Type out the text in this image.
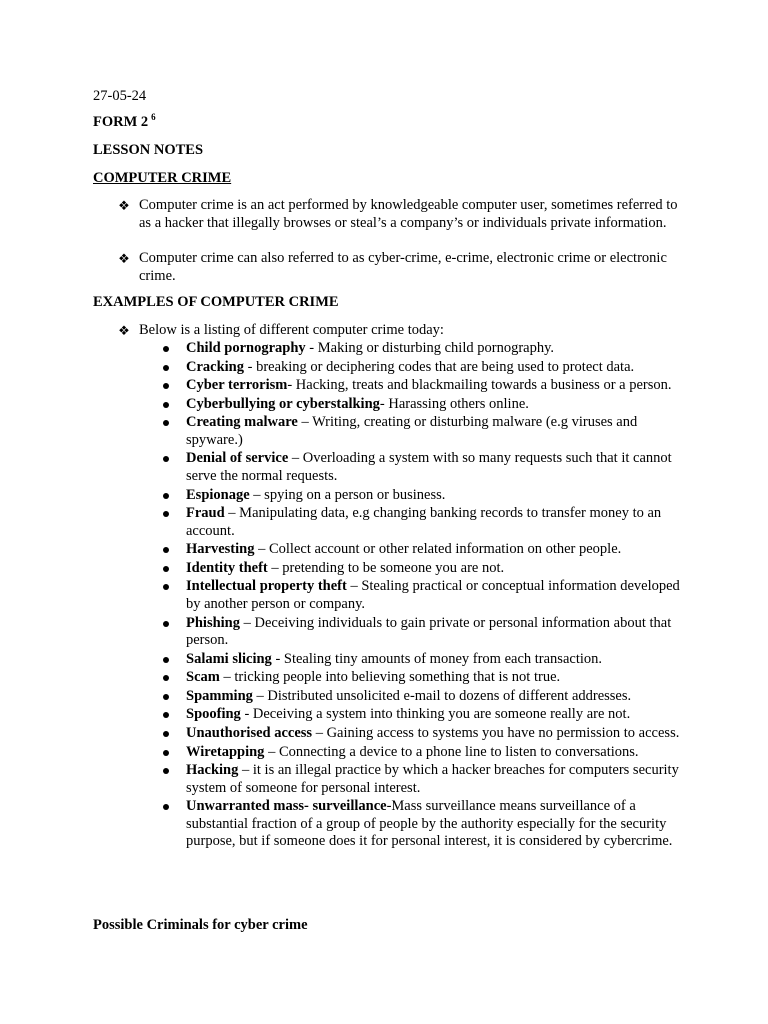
27-05-24
FORM 2 $^6$
LESSON NOTES
COMPUTER CRIME
❖ Computer crime is an act performed by knowledgeable computer user, sometimes referred to as a hacker that illegally browses or steal’s a company’s or individuals private information.
❖ Computer crime can also referred to as cyber-crime, e-crime, electronic crime or electronic crime.
EXAMPLES OF COMPUTER CRIME
❖ Below is a listing of different computer crime today:
Child pornography - Making or disturbing child pornography.
Cracking - breaking or deciphering codes that are being used to protect data.
Cyber terrorism- Hacking, treats and blackmailing towards a business or a person.
Cyberbullying or cyberstalking- Harassing others online.
Creating malware – Writing, creating or disturbing malware (e.g viruses and spyware.)
Denial of service – Overloading a system with so many requests such that it cannot serve the normal requests.
Espionage – spying on a person or business.
Fraud – Manipulating data, e.g changing banking records to transfer money to an account.
Harvesting – Collect account or other related information on other people.
Identity theft – pretending to be someone you are not.
Intellectual property theft – Stealing practical or conceptual information developed by another person or company.
Phishing – Deceiving individuals to gain private or personal information about that person.
Salami slicing - Stealing tiny amounts of money from each transaction.
Scam – tricking people into believing something that is not true.
Spamming – Distributed unsolicited e-mail to dozens of different addresses.
Spoofing - Deceiving a system into thinking you are someone really are not.
Unauthorised access – Gaining access to systems you have no permission to access.
Wiretapping – Connecting a device to a phone line to listen to conversations.
Hacking – it is an illegal practice by which a hacker breaches for computers security system of someone for personal interest.
Unwarranted mass- surveillance-Mass surveillance means surveillance of a substantial fraction of a group of people by the authority especially for the security purpose, but if someone does it for personal interest, it is considered by cybercrime.
Possible Criminals for cyber crime
